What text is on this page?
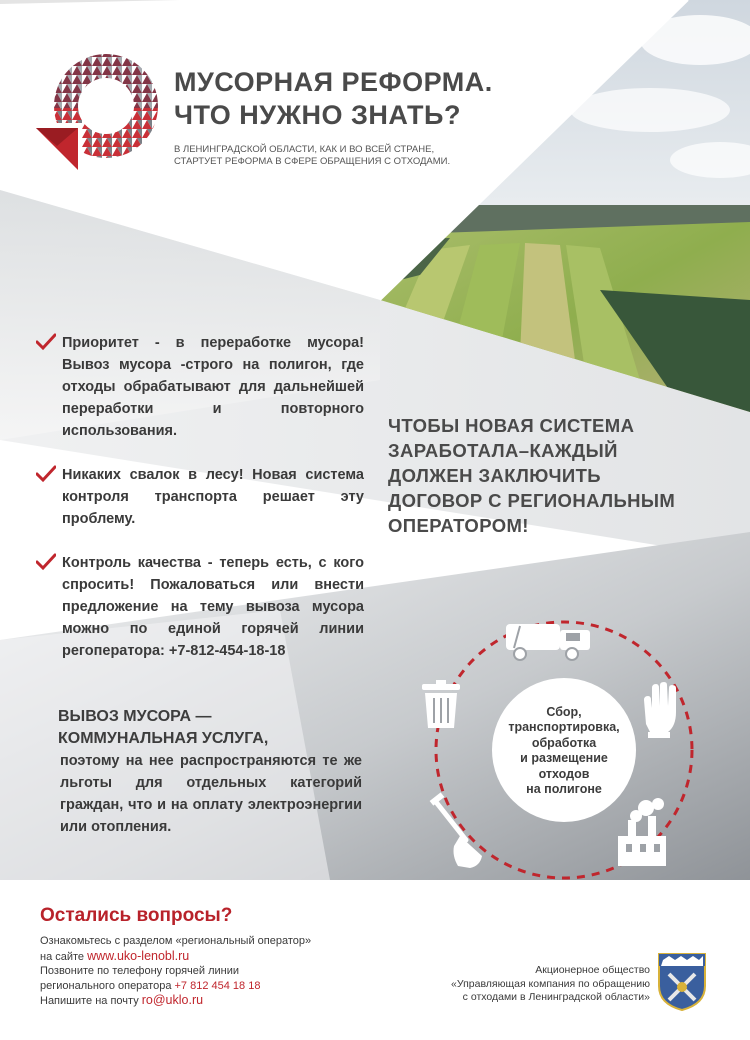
МУСОРНАЯ РЕФОРМА.
ЧТО НУЖНО ЗНАТЬ?
В ЛЕНИНГРАДСКОЙ ОБЛАСТИ, КАК И ВО ВСЕЙ СТРАНЕ,
СТАРТУЕТ РЕФОРМА В СФЕРЕ ОБРАЩЕНИЯ С ОТХОДАМИ.
Приоритет - в переработке мусора! Вывоз мусора -строго на полигон, где отходы обрабатывают для дальнейшей переработки и повторного использования.
Никаких свалок в лесу! Новая система контроля транспорта решает эту проблему.
Контроль качества - теперь есть, с кого спросить! Пожаловаться или внести предложение на тему вывоза мусора можно по единой горячей линии регоператора: +7-812-454-18-18
ЧТОБЫ НОВАЯ СИСТЕМА
ЗАРАБОТАЛА–КАЖДЫЙ
ДОЛЖЕН ЗАКЛЮЧИТЬ
ДОГОВОР С РЕГИОНАЛЬНЫМ
ОПЕРАТОРОМ!
ВЫВОЗ МУСОРА —
КОММУНАЛЬНАЯ УСЛУГА,
поэтому на нее распространяются те же льготы для отдельных категорий граждан, что и на оплату электроэнергии или отопления.
Сбор,
транспортировка,
обработка
и размещение
отходов
на полигоне
Остались вопросы?
Ознакомьтесь с разделом «региональный оператор»
на сайте www.uko-lenobl.ru
Позвоните по телефону горячей линии
регионального оператора +7 812 454 18 18
Напишите на почту ro@uklo.ru
Акционерное общество
«Управляющая компания по обращению
с отходами в Ленинградской области»
